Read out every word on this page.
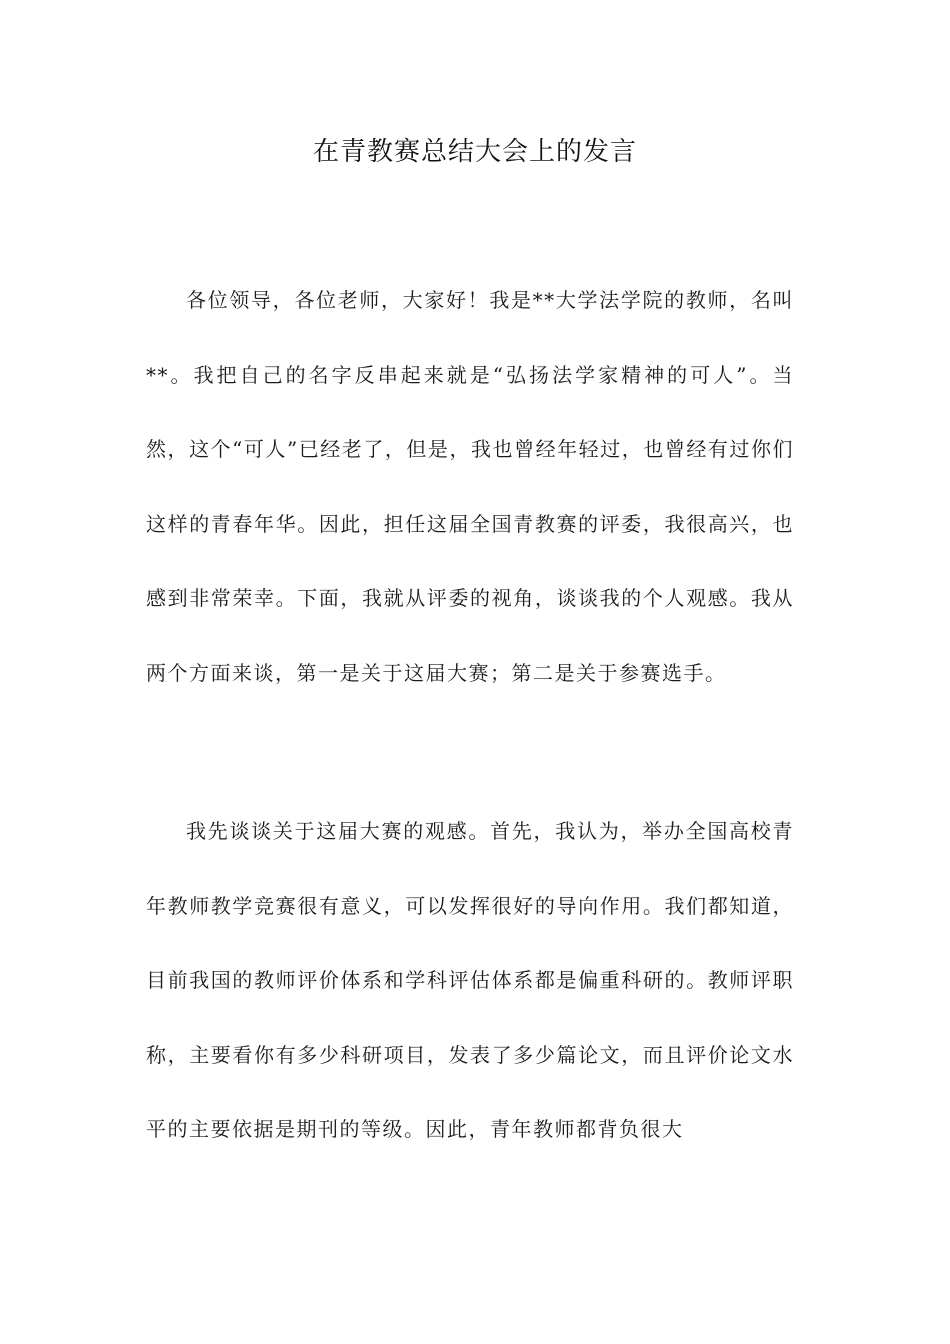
在青教赛总结大会上的发言

各位领导，各位老师，大家好！我是**大学法学院的教师，名叫**。我把自己的名字反串起来就是“弘扬法学家精神的可人”。当然，这个“可人”已经老了，但是，我也曾经年轻过，也曾经有过你们这样的青春年华。因此，担任这届全国青教赛的评委，我很高兴，也感到非常荣幸。下面，我就从评委的视角，谈谈我的个人观感。我从两个方面来谈，第一是关于这届大赛；第二是关于参赛选手。

我先谈谈关于这届大赛的观感。首先，我认为，举办全国高校青年教师教学竞赛很有意义，可以发挥很好的导向作用。我们都知道，目前我国的教师评价体系和学科评估体系都是偏重科研的。教师评职称，主要看你有多少科研项目，发表了多少篇论文，而且评价论文水平的主要依据是期刊的等级。因此，青年教师都背负很大
